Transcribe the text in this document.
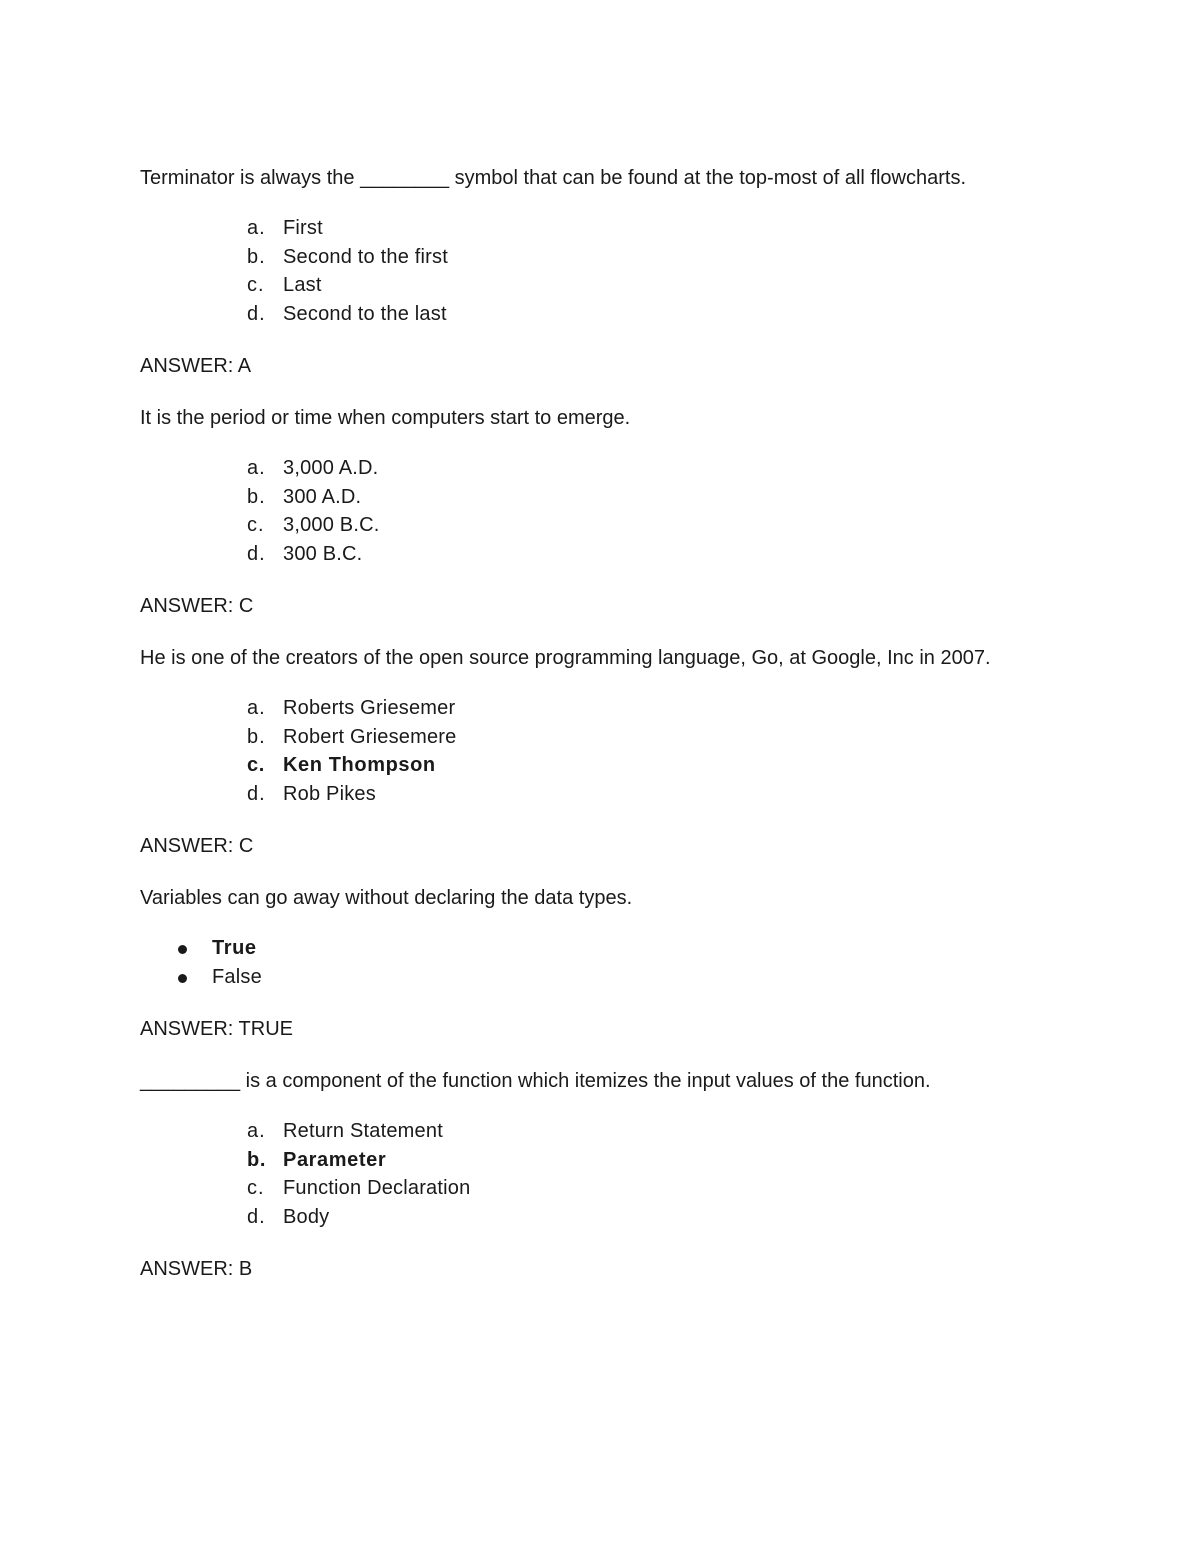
Terminator is always the ________ symbol that can be found at the top-most of all flowcharts.

a. First
b. Second to the first
c. Last
d. Second to the last

ANSWER: A

It is the period or time when computers start to emerge.

a. 3,000 A.D.
b. 300 A.D.
c. 3,000 B.C.
d. 300 B.C.

ANSWER: C

He is one of the creators of the open source programming language, Go, at Google, Inc in 2007.

a. Roberts Griesemer
b. Robert Griesemere
c. Ken Thompson
d. Rob Pikes

ANSWER: C

Variables can go away without declaring the data types.

True
False

ANSWER: TRUE

_________ is a component of the function which itemizes the input values of the function.

a. Return Statement
b. Parameter
c. Function Declaration
d. Body

ANSWER: B
